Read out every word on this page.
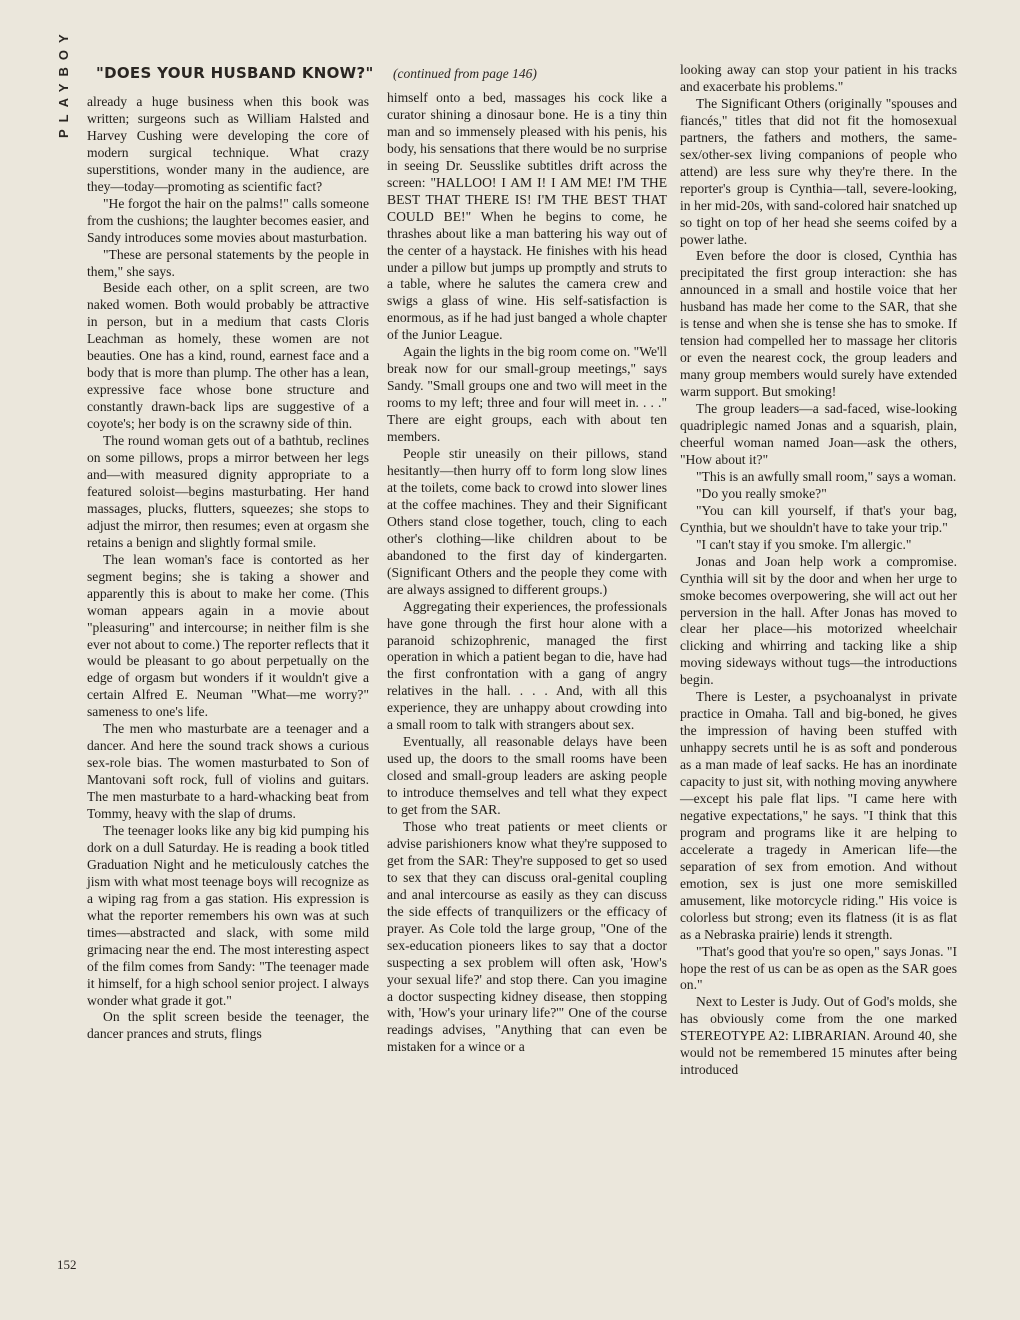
PLAYBOY	"DOES YOUR HUSBAND KNOW?" (continued from page 146)

already a huge business when this book was written; surgeons such as William Halsted and Harvey Cushing were developing the core of modern surgical technique. What crazy superstitions, wonder many in the audience, are they—today—promoting as scientific fact?

"He forgot the hair on the palms!" calls someone from the cushions; the laughter becomes easier, and Sandy introduces some movies about masturbation.

"These are personal statements by the people in them," she says.

Beside each other, on a split screen, are two naked women. Both would probably be attractive in person, but in a medium that casts Cloris Leachman as homely, these women are not beauties. One has a kind, round, earnest face and a body that is more than plump. The other has a lean, expressive face whose bone structure and constantly drawn-back lips are suggestive of a coyote's; her body is on the scrawny side of thin.

The round woman gets out of a bathtub, reclines on some pillows, props a mirror between her legs and—with measured dignity appropriate to a featured soloist—begins masturbating. Her hand massages, plucks, flutters, squeezes; she stops to adjust the mirror, then resumes; even at orgasm she retains a benign and slightly formal smile.

The lean woman's face is contorted as her segment begins; she is taking a shower and apparently this is about to make her come. (This woman appears again in a movie about "pleasuring" and intercourse; in neither film is she ever not about to come.) The reporter reflects that it would be pleasant to go about perpetually on the edge of orgasm but wonders if it wouldn't give a certain Alfred E. Neuman "What—me worry?" sameness to one's life.

The men who masturbate are a teenager and a dancer. And here the sound track shows a curious sex-role bias. The women masturbated to Son of Mantovani soft rock, full of violins and guitars. The men masturbate to a hard-whacking beat from Tommy, heavy with the slap of drums.

The teenager looks like any big kid pumping his dork on a dull Saturday. He is reading a book titled Graduation Night and he meticulously catches the jism with what most teenage boys will recognize as a wiping rag from a gas station. His expression is what the reporter remembers his own was at such times—abstracted and slack, with some mild grimacing near the end. The most interesting aspect of the film comes from Sandy: "The teenager made it himself, for a high school senior project. I always wonder what grade it got."

On the split screen beside the teenager, the dancer prances and struts, flings

himself onto a bed, massages his cock like a curator shining a dinosaur bone. He is a tiny thin man and so immensely pleased with his penis, his body, his sensations that there would be no surprise in seeing Dr. Seusslike subtitles drift across the screen: "HALLOO! I AM I! I AM ME! I'M THE BEST THAT THERE IS! I'M THE BEST THAT COULD BE!" When he begins to come, he thrashes about like a man battering his way out of the center of a haystack. He finishes with his head under a pillow but jumps up promptly and struts to a table, where he salutes the camera crew and swigs a glass of wine. His self-satisfaction is enormous, as if he had just banged a whole chapter of the Junior League.

Again the lights in the big room come on. "We'll break now for our small-group meetings," says Sandy. "Small groups one and two will meet in the rooms to my left; three and four will meet in. . . ." There are eight groups, each with about ten members.

People stir uneasily on their pillows, stand hesitantly—then hurry off to form long slow lines at the toilets, come back to crowd into slower lines at the coffee machines. They and their Significant Others stand close together, touch, cling to each other's clothing—like children about to be abandoned to the first day of kindergarten. (Significant Others and the people they come with are always assigned to different groups.)

Aggregating their experiences, the professionals have gone through the first hour alone with a paranoid schizophrenic, managed the first operation in which a patient began to die, have had the first confrontation with a gang of angry relatives in the hall. . . . And, with all this experience, they are unhappy about crowding into a small room to talk with strangers about sex.

Eventually, all reasonable delays have been used up, the doors to the small rooms have been closed and small-group leaders are asking people to introduce themselves and tell what they expect to get from the SAR.

Those who treat patients or meet clients or advise parishioners know what they're supposed to get from the SAR: They're supposed to get so used to sex that they can discuss oral-genital coupling and anal intercourse as easily as they can discuss the side effects of tranquilizers or the efficacy of prayer. As Cole told the large group, "One of the sex-education pioneers likes to say that a doctor suspecting a sex problem will often ask, 'How's your sexual life?' and stop there. Can you imagine a doctor suspecting kidney disease, then stopping with, 'How's your urinary life?'" One of the course readings advises, "Anything that can even be mistaken for a wince or a

looking away can stop your patient in his tracks and exacerbate his problems."

The Significant Others (originally "spouses and fiancés," titles that did not fit the homosexual partners, the fathers and mothers, the same-sex/other-sex living companions of people who attend) are less sure why they're there. In the reporter's group is Cynthia—tall, severe-looking, in her mid-20s, with sand-colored hair snatched up so tight on top of her head she seems coifed by a power lathe.

Even before the door is closed, Cynthia has precipitated the first group interaction: she has announced in a small and hostile voice that her husband has made her come to the SAR, that she is tense and when she is tense she has to smoke. If tension had compelled her to massage her clitoris or even the nearest cock, the group leaders and many group members would surely have extended warm support. But smoking!

The group leaders—a sad-faced, wise-looking quadriplegic named Jonas and a squarish, plain, cheerful woman named Joan—ask the others, "How about it?"

"This is an awfully small room," says a woman.

"Do you really smoke?"

"You can kill yourself, if that's your bag, Cynthia, but we shouldn't have to take your trip."

"I can't stay if you smoke. I'm allergic."

Jonas and Joan help work a compromise. Cynthia will sit by the door and when her urge to smoke becomes overpowering, she will act out her perversion in the hall. After Jonas has moved to clear her place—his motorized wheelchair clicking and whirring and tacking like a ship moving sideways without tugs—the introductions begin.

There is Lester, a psychoanalyst in private practice in Omaha. Tall and big-boned, he gives the impression of having been stuffed with unhappy secrets until he is as soft and ponderous as a man made of leaf sacks. He has an inordinate capacity to just sit, with nothing moving anywhere—except his pale flat lips. "I came here with negative expectations," he says. "I think that this program and programs like it are helping to accelerate a tragedy in American life—the separation of sex from emotion. And without emotion, sex is just one more semiskilled amusement, like motorcycle riding." His voice is colorless but strong; even its flatness (it is as flat as a Nebraska prairie) lends it strength.

"That's good that you're so open," says Jonas. "I hope the rest of us can be as open as the SAR goes on."

Next to Lester is Judy. Out of God's molds, she has obviously come from the one marked STEREOTYPE A2: LIBRARIAN. Around 40, she would not be remembered 15 minutes after being introduced

152
